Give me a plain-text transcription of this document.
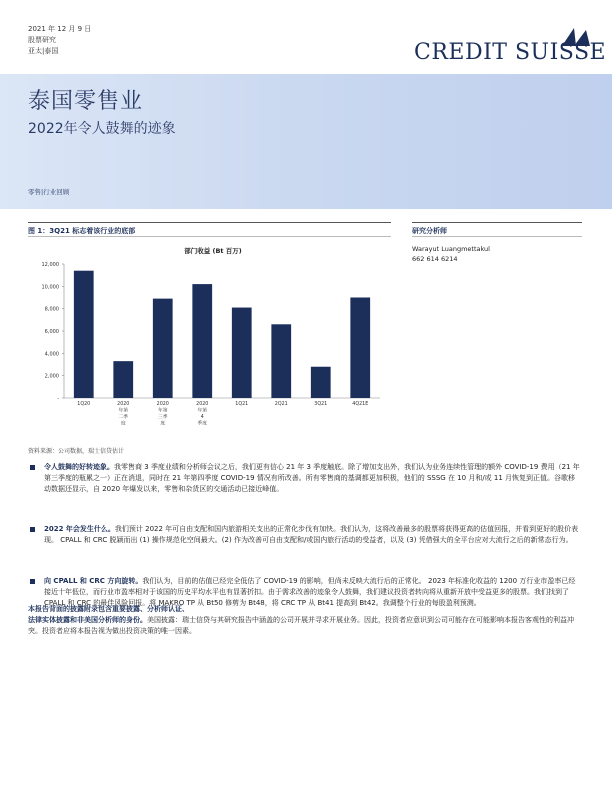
2021 年 12 月 9 日
股票研究
亚太|泰国	CREDIT SUISSE
泰国零售业
2022年令人鼓舞的迹象
零售|行业回顾
图 1：3Q21 标志着该行业的底部
部门收益 (Bt 百万)
-
2,000
4,000
6,000
8,000
10,000
12,000
1Q20	2020
年第
二季
度
2020
年第
三季
度
2020
年第
4
季度
1Q21	2Q21	3Q21	4Q21E
资料来源：公司数据，瑞士信贷估计
研究分析师
Warayut Luangmettakul
662 614 6214
令人鼓舞的好转迹象。我零售商 3 季度业绩和分析师会议之后，我们更有信心 21 年 3 季度触底。除了增加支出外，我们认为业务连续性管理的额外 COVID-19 费用（21 年第三季度的瓶累之一）正在消退，同时在 21 年第四季度 COVID-19 情况有所改善。所有零售商的基调都更加积极，他们的 SSSG 在 10 月和/或 11 月恢复到正值。谷歌移动数据还显示，自 2020 年爆发以来，零售和杂货区的交通活动已接近峰值。
2022 年会发生什么。我们预计 2022 年可自由支配和国内旅游相关支出的正常化步伐有加快。我们认为，这将改善最多的股票将获得更高的估值回报，并看到更好的股价表现。 CPALL 和 CRC 脱颖而出 (1) 操作规范化空间最大。(2) 作为改善可自由支配和/或国内旅行活动的受益者，以及 (3) 凭借强大的全平台应对大流行之后的新常态行为。
向 CPALL 和 CRC 方向旋转。我们认为，目前的估值已经完全低估了 COVID-19 的影响，但尚未反映大流行后的正常化。 2023 年标准化收益的 1200 万行业市盈率已经接近十年低位，而行业市盈率相对于该国的历史平均水平也有显著折扣。由于需求改善的迹象令人鼓舞，我们建议投资者转向将从重新开放中受益更多的股票。我们找到了 CPALL 和 CRC 的最佳风险回报。将 MAKRO TP 从 Bt50 修剪为 Bt48，将 CRC TP 从 Bt41 提高到 Bt42。我调整个行业的每股盈利预测。
本报告背面的披露附录包含重要披露、分析师认证、
法律实体披露和非美国分析师的身份。美国披露：瑞士信贷与其研究报告中涵盖的公司开展并寻求开展业务。因此，投资者应意识到公司可能存在可能影响本报告客观性的利益冲突。投资者应将本报告视为做出投资决策的唯一因素。
